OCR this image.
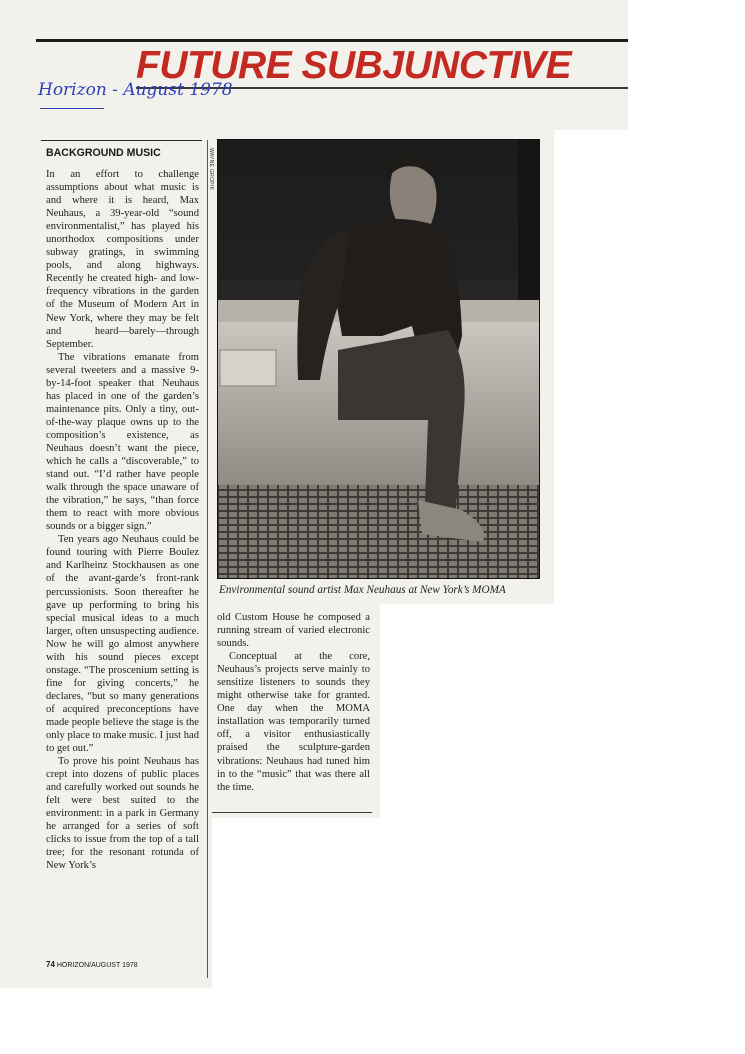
FUTURE SUBJUNCTIVE
Horizon - August 1978
BACKGROUND MUSIC

In an effort to challenge assumptions about what music is and where it is heard, Max Neuhaus, a 39-year-old “sound environmentalist,” has played his unorthodox compositions under subway gratings, in swimming pools, and along highways. Recently he created high- and low-frequency vibrations in the garden of the Museum of Modern Art in New York, where they may be felt and heard—barely—through September.

The vibrations emanate from several tweeters and a massive 9-by-14-foot speaker that Neuhaus has placed in one of the garden’s maintenance pits. Only a tiny, out-of-the-way plaque owns up to the composition’s existence, as Neuhaus doesn’t want the piece, which he calls a “discoverable,” to stand out. “I’d rather have people walk through the space unaware of the vibration,” he says, “than force them to react with more obvious sounds or a bigger sign.”

Ten years ago Neuhaus could be found touring with Pierre Boulez and Karlheinz Stockhausen as one of the avant-garde’s front-rank percussionists. Soon thereafter he gave up performing to bring his special musical ideas to a much larger, often unsuspecting audience. Now he will go almost anywhere with his sound pieces except onstage. “The proscenium setting is fine for giving concerts,” he declares, “but so many generations of acquired preconceptions have made people believe the stage is the only place to make music. I just had to get out.”

To prove his point Neuhaus has crept into dozens of public places and carefully worked out sounds he felt were best suited to the environment: in a park in Germany he arranged for a series of soft clicks to issue from the top of a tall tree; for the resonant rotunda of New York’s

WAYNE GROPIK
Environmental sound artist Max Neuhaus at New York’s MOMA

old Custom House he composed a running stream of varied electronic sounds.

Conceptual at the core, Neuhaus’s projects serve mainly to sensitize listeners to sounds they might otherwise take for granted. One day when the MOMA installation was temporarily turned off, a visitor enthusiastically praised the sculpture-garden vibrations: Neuhaus had tuned him in to the “music” that was there all the time.

74 HORIZON/AUGUST 1978
